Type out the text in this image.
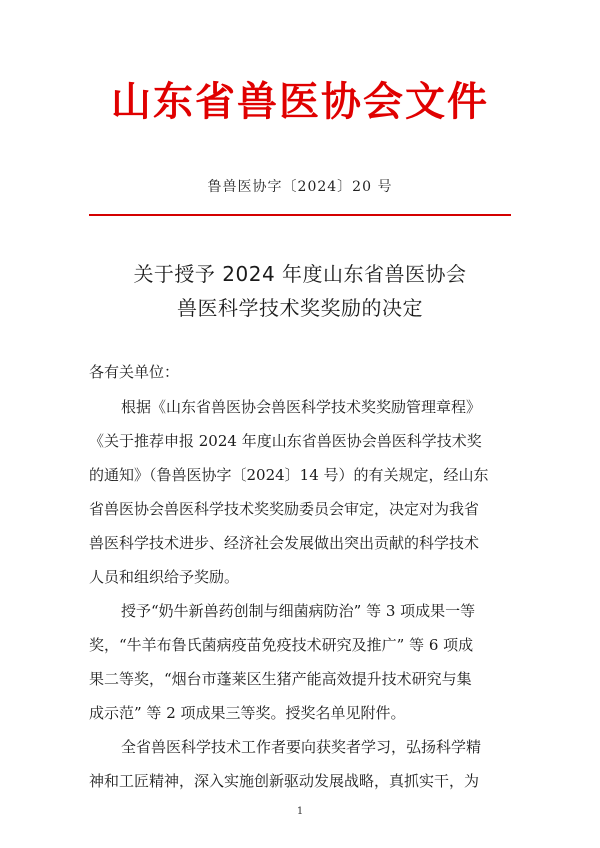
山东省兽医协会文件
鲁兽医协字〔2024〕20 号
关于授予 2024 年度山东省兽医协会
兽医科学技术奖奖励的决定
各有关单位：
根据《山东省兽医协会兽医科学技术奖奖励管理章程》
《关于推荐申报 2024 年度山东省兽医协会兽医科学技术奖
的通知》（鲁兽医协字〔2024〕14 号）的有关规定，经山东
省兽医协会兽医科学技术奖奖励委员会审定，决定对为我省
兽医科学技术进步、经济社会发展做出突出贡献的科学技术
人员和组织给予奖励。
授予“奶牛新兽药创制与细菌病防治” 等 3 项成果一等
奖，“牛羊布鲁氏菌病疫苗免疫技术研究及推广” 等 6 项成
果二等奖，“烟台市蓬莱区生猪产能高效提升技术研究与集
成示范” 等 2 项成果三等奖。授奖名单见附件。
全省兽医科学技术工作者要向获奖者学习，弘扬科学精
神和工匠精神，深入实施创新驱动发展战略，真抓实干，为
1
